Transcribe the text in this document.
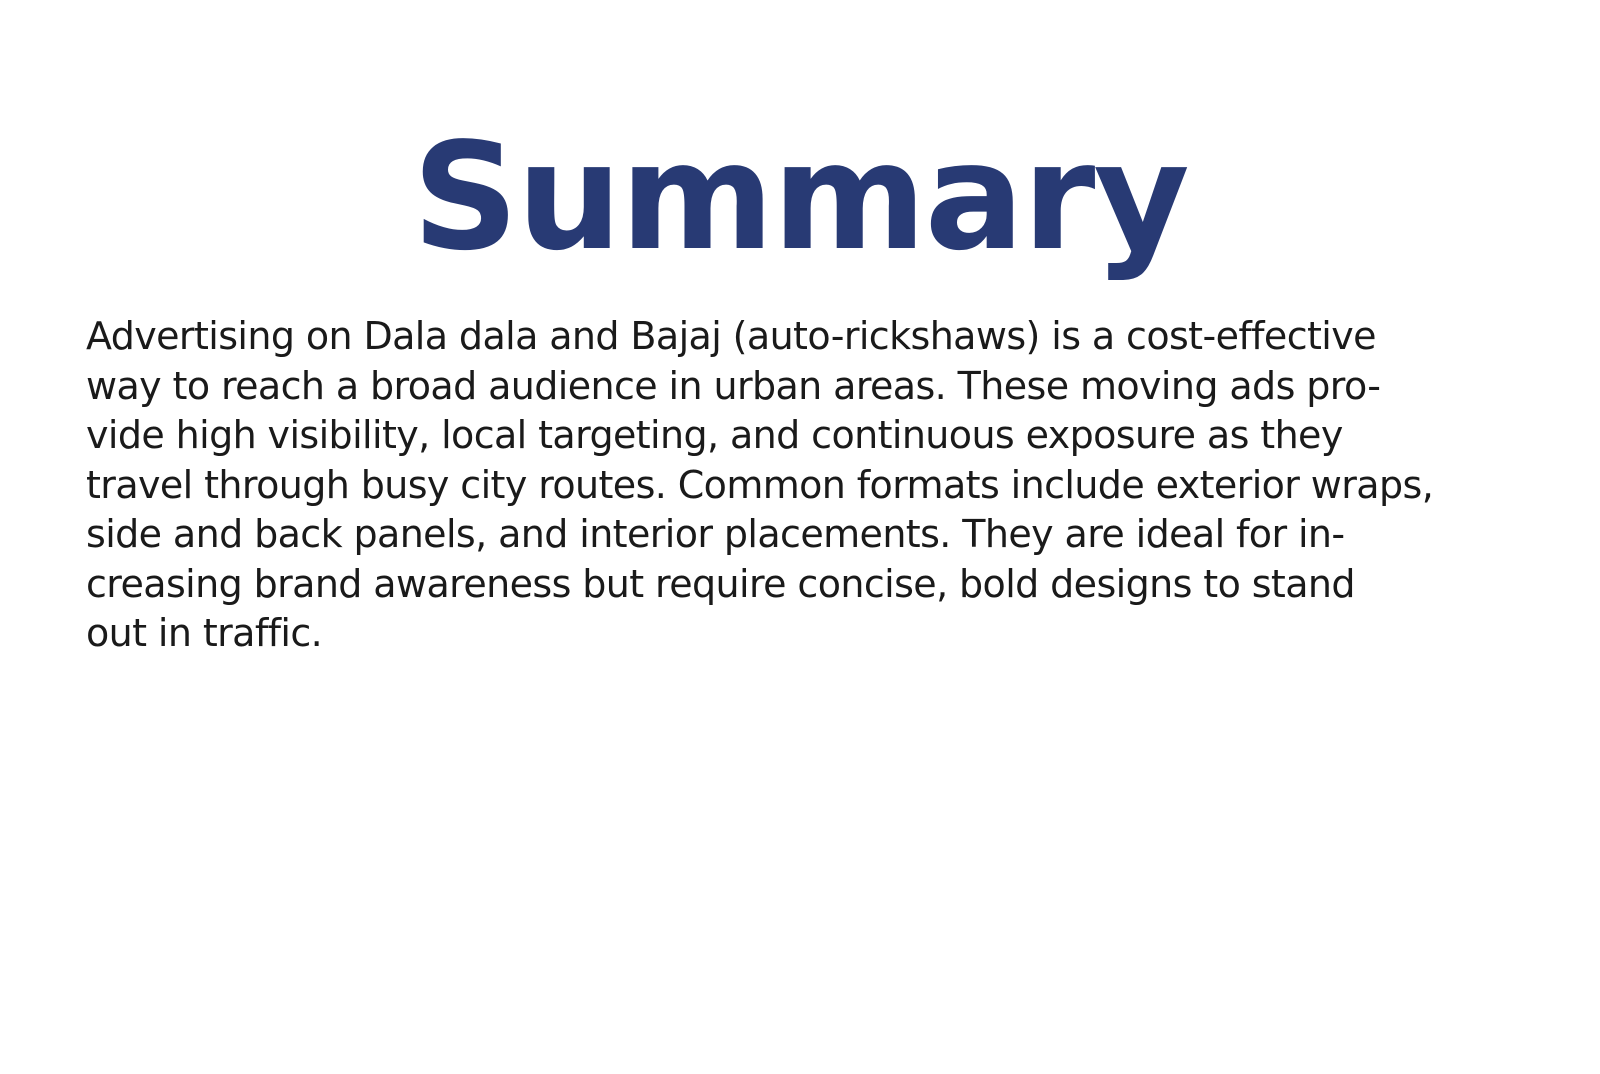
Summary
Advertising on Dala dala and Bajaj (auto-rickshaws) is a cost-effective
way to reach a broad audience in urban areas. These moving ads pro-
vide high visibility, local targeting, and continuous exposure as they
travel through busy city routes. Common formats include exterior wraps,
side and back panels, and interior placements. They are ideal for in-
creasing brand awareness but require concise, bold designs to stand
out in traffic.
